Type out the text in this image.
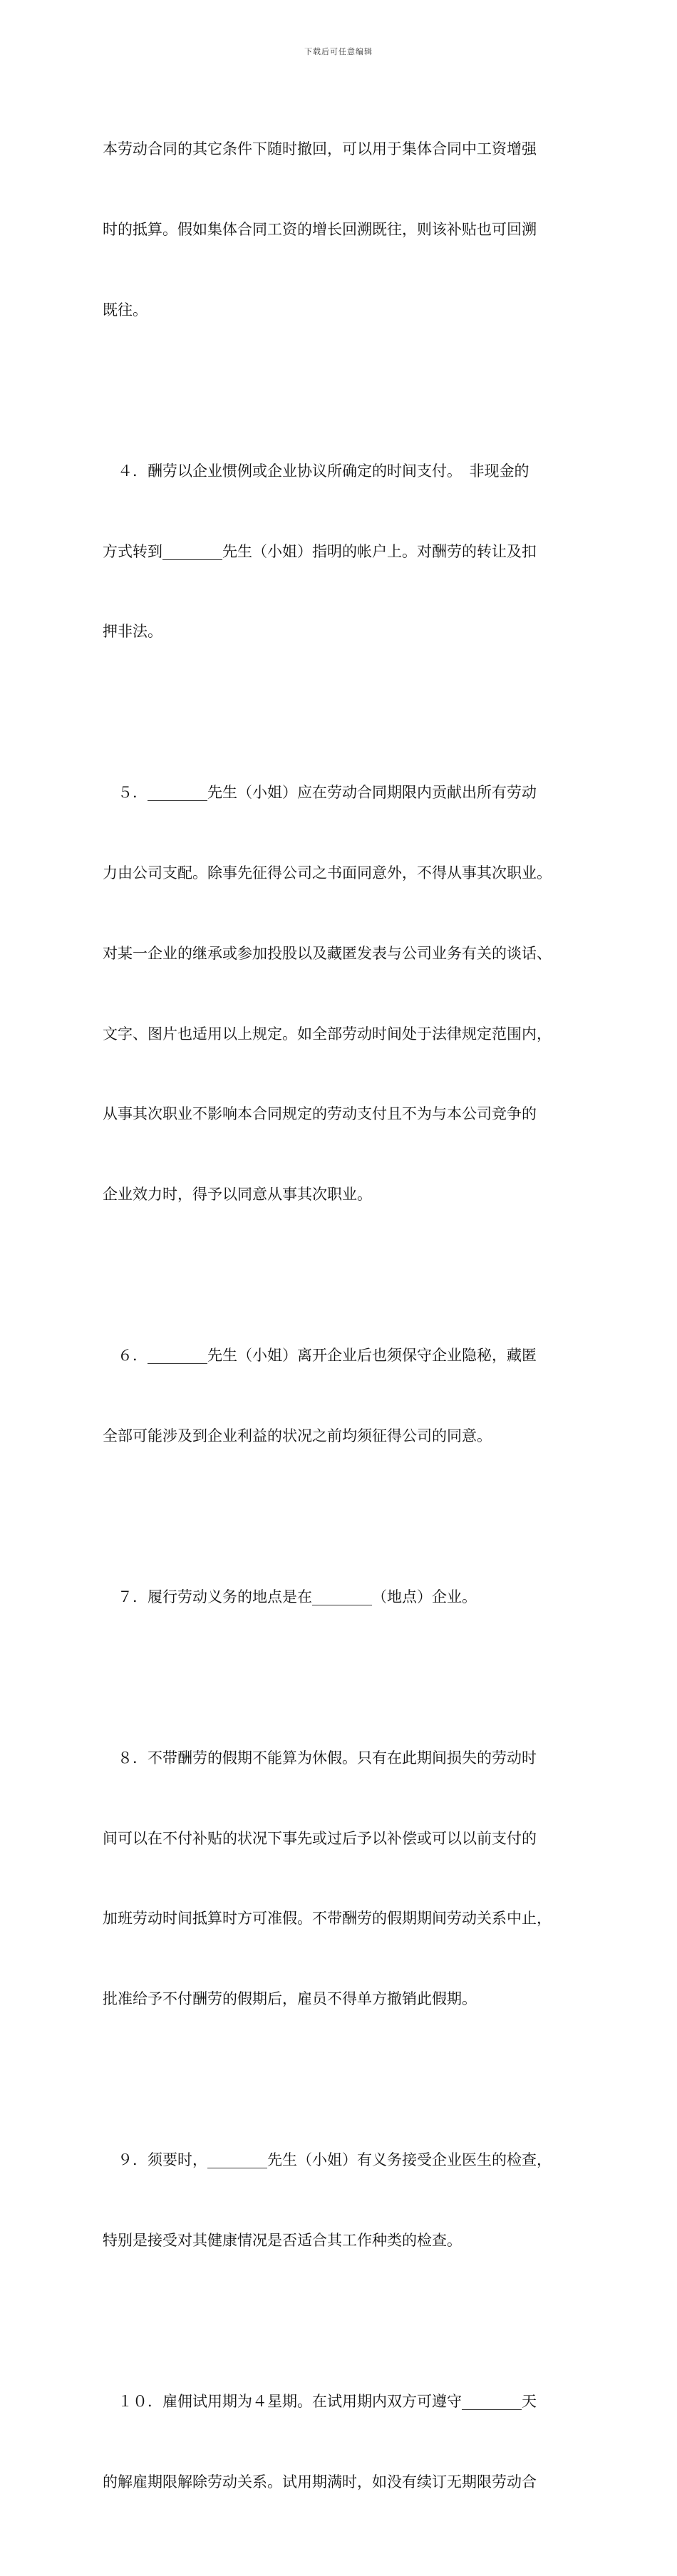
下载后可任意编辑

本劳动合同的其它条件下随时撤回，可以用于集体合同中工资增强

时的抵算。假如集体合同工资的增长回溯既往，则该补贴也可回溯

既往。

　４．酬劳以企业惯例或企业协议所确定的时间支付。　非现金的

方式转到________先生（小姐）指明的帐户上。对酬劳的转让及扣

押非法。

　５．________先生（小姐）应在劳动合同期限内贡献出所有劳动

力由公司支配。除事先征得公司之书面同意外，不得从事其次职业。

对某一企业的继承或参加投股以及藏匿发表与公司业务有关的谈话、

文字、图片也适用以上规定。如全部劳动时间处于法律规定范围内，

从事其次职业不影响本合同规定的劳动支付且不为与本公司竞争的

企业效力时，得予以同意从事其次职业。

　６．________先生（小姐）离开企业后也须保守企业隐秘，藏匿

全部可能涉及到企业利益的状况之前均须征得公司的同意。

　７．履行劳动义务的地点是在________（地点）企业。

　８．不带酬劳的假期不能算为休假。只有在此期间损失的劳动时

间可以在不付补贴的状况下事先或过后予以补偿或可以以前支付的

加班劳动时间抵算时方可准假。不带酬劳的假期期间劳动关系中止，

批准给予不付酬劳的假期后，雇员不得单方撤销此假期。

　９．须要时，________先生（小姐）有义务接受企业医生的检查，

特别是接受对其健康情况是否适合其工作种类的检查。

　１０．雇佣试用期为４星期。在试用期内双方可遵守________天

的解雇期限解除劳动关系。试用期满时，如没有续订无期限劳动合
